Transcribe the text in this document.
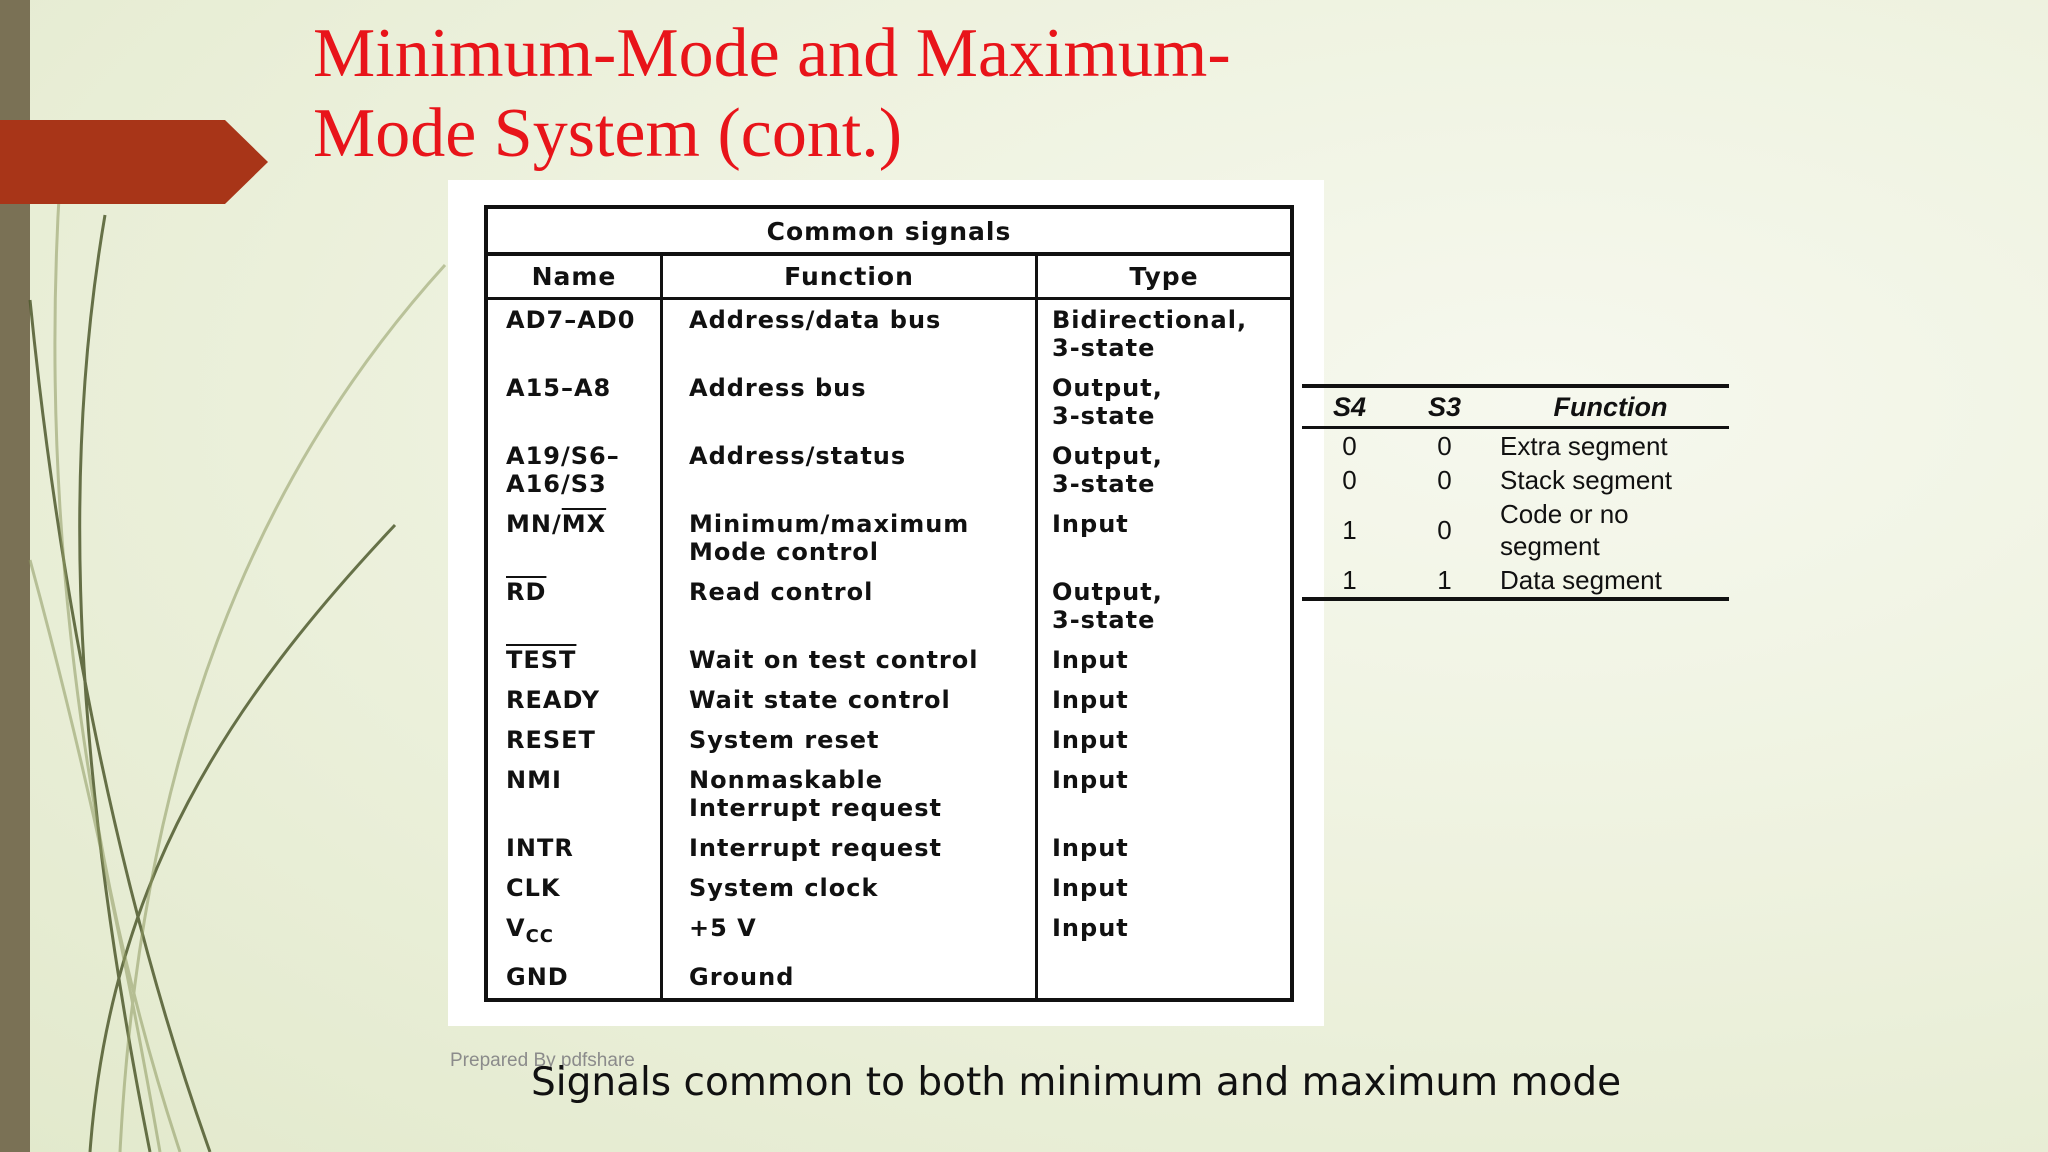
Minimum-Mode and Maximum-
Mode System (cont.)
Common signals
Name	Function	Type
AD7–AD0	Address/data bus	Bidirectional,
3-state
A15–A8	Address bus	Output,
3-state
A19/S6–
A16/S3	Address/status	Output,
3-state
$MN/\overline{MX}$	Minimum/maximum
Mode control	Input
$\overline{RD}$	Read control	Output,
3-state
TEST	Wait on test control	Input
READY	Wait state control	Input
RESET	System reset	Input
NMI	Nonmaskable
Interrupt request	Input
INTR	Interrupt request	Input
CLK	System clock	Input
$V_{CC}$	+5 V	Input
GND	Ground	
S4	S3	Function
0	0	Extra segment
0	0	Stack segment
1	0	Code or no segment
1	1	Data segment
Prepared By pdfshare
Signals common to both minimum and maximum mode
